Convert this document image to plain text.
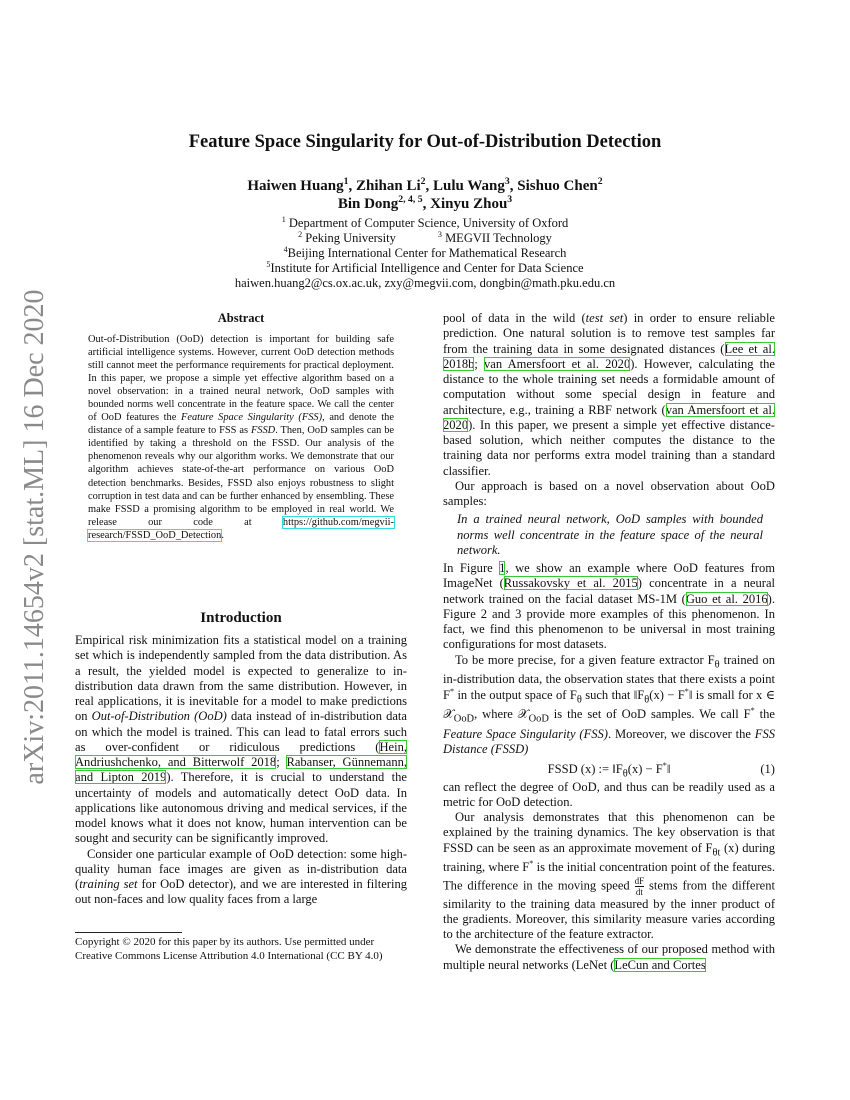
arXiv:2011.14654v2 [stat.ML] 16 Dec 2020
Feature Space Singularity for Out-of-Distribution Detection
Haiwen Huang$^1$, Zhihan Li$^2$, Lulu Wang$^3$, Sishuo Chen$^2$
Bin Dong$^{2, 4, 5}$, Xinyu Zhou$^3$
$^1$ Department of Computer Science, University of Oxford
$^2$ Peking University	$^3$ MEGVII Technology
$^4$Beijing International Center for Mathematical Research
$^5$Institute for Artificial Intelligence and Center for Data Science
haiwen.huang2@cs.ox.ac.uk, zxy@megvii.com, dongbin@math.pku.edu.cn
Abstract

Out-of-Distribution (OoD) detection is important for building safe artificial intelligence systems. However, current OoD detection methods still cannot meet the performance requirements for practical deployment. In this paper, we propose a simple yet effective algorithm based on a novel observation: in a trained neural network, OoD samples with bounded norms well concentrate in the feature space. We call the center of OoD features the Feature Space Singularity (FSS), and denote the distance of a sample feature to FSS as FSSD. Then, OoD samples can be identified by taking a threshold on the FSSD. Our analysis of the phenomenon reveals why our algorithm works. We demonstrate that our algorithm achieves state-of-the-art performance on various OoD detection benchmarks. Besides, FSSD also enjoys robustness to slight corruption in test data and can be further enhanced by ensembling. These make FSSD a promising algorithm to be employed in real world. We release our code at https://github.com/megvii-research/FSSD_OoD_Detection.

Introduction

Empirical risk minimization fits a statistical model on a training set which is independently sampled from the data distribution. As a result, the yielded model is expected to generalize to in-distribution data drawn from the same distribution. However, in real applications, it is inevitable for a model to make predictions on Out-of-Distribution (OoD) data instead of in-distribution data on which the model is trained. This can lead to fatal errors such as over-confident or ridiculous predictions (Hein, Andriushchenko, and Bitterwolf 2018; Rabanser, Günnemann, and Lipton 2019). Therefore, it is crucial to understand the uncertainty of models and automatically detect OoD data. In applications like autonomous driving and medical services, if the model knows what it does not know, human intervention can be sought and security can be significantly improved.

Consider one particular example of OoD detection: some high-quality human face images are given as in-distribution data (training set for OoD detector), and we are interested in filtering out non-faces and low quality faces from a large

Copyright © 2020 for this paper by its authors. Use permitted under Creative Commons License Attribution 4.0 International (CC BY 4.0)

pool of data in the wild (test set) in order to ensure reliable prediction. One natural solution is to remove test samples far from the training data in some designated distances (Lee et al. 2018b; van Amersfoort et al. 2020). However, calculating the distance to the whole training set needs a formidable amount of computation without some special design in feature and architecture, e.g., training a RBF network (van Amersfoort et al. 2020). In this paper, we present a simple yet effective distance-based solution, which neither computes the distance to the training data nor performs extra model training than a standard classifier.

Our approach is based on a novel observation about OoD samples:

In a trained neural network, OoD samples with bounded norms well concentrate in the feature space of the neural network.

In Figure 1, we show an example where OoD features from ImageNet (Russakovsky et al. 2015) concentrate in a neural network trained on the facial dataset MS-1M (Guo et al. 2016). Figure 2 and 3 provide more examples of this phenomenon. In fact, we find this phenomenon to be universal in most training configurations for most datasets.

To be more precise, for a given feature extractor $F_\theta$ trained on in-distribution data, the observation states that there exists a point F* in the output space of $F_\theta$ such that $‖F_\theta(x)$ − F*‖ is small for x ∈ 𝒳$_{OoD}$, where 𝒳$_{OoD}$ is the set of OoD samples. We call F* the Feature Space Singularity (FSS). Moreover, we discover the FSS Distance (FSSD)

FSSD (x) := $‖F_\theta(x)$ − F*‖	(1)

can reflect the degree of OoD, and thus can be readily used as a metric for OoD detection.

Our analysis demonstrates that this phenomenon can be explained by the training dynamics. The key observation is that FSSD can be seen as an approximate movement of $F_{\theta t}$ (x) during training, where F* is the initial concentration point of the features. The difference in the moving speed $\frac{dF}{dt}$ stems from the different similarity to the training data measured by the inner product of the gradients. Moreover, this similarity measure varies according to the architecture of the feature extractor.

We demonstrate the effectiveness of our proposed method with multiple neural networks (LeNet (LeCun and Cortes
